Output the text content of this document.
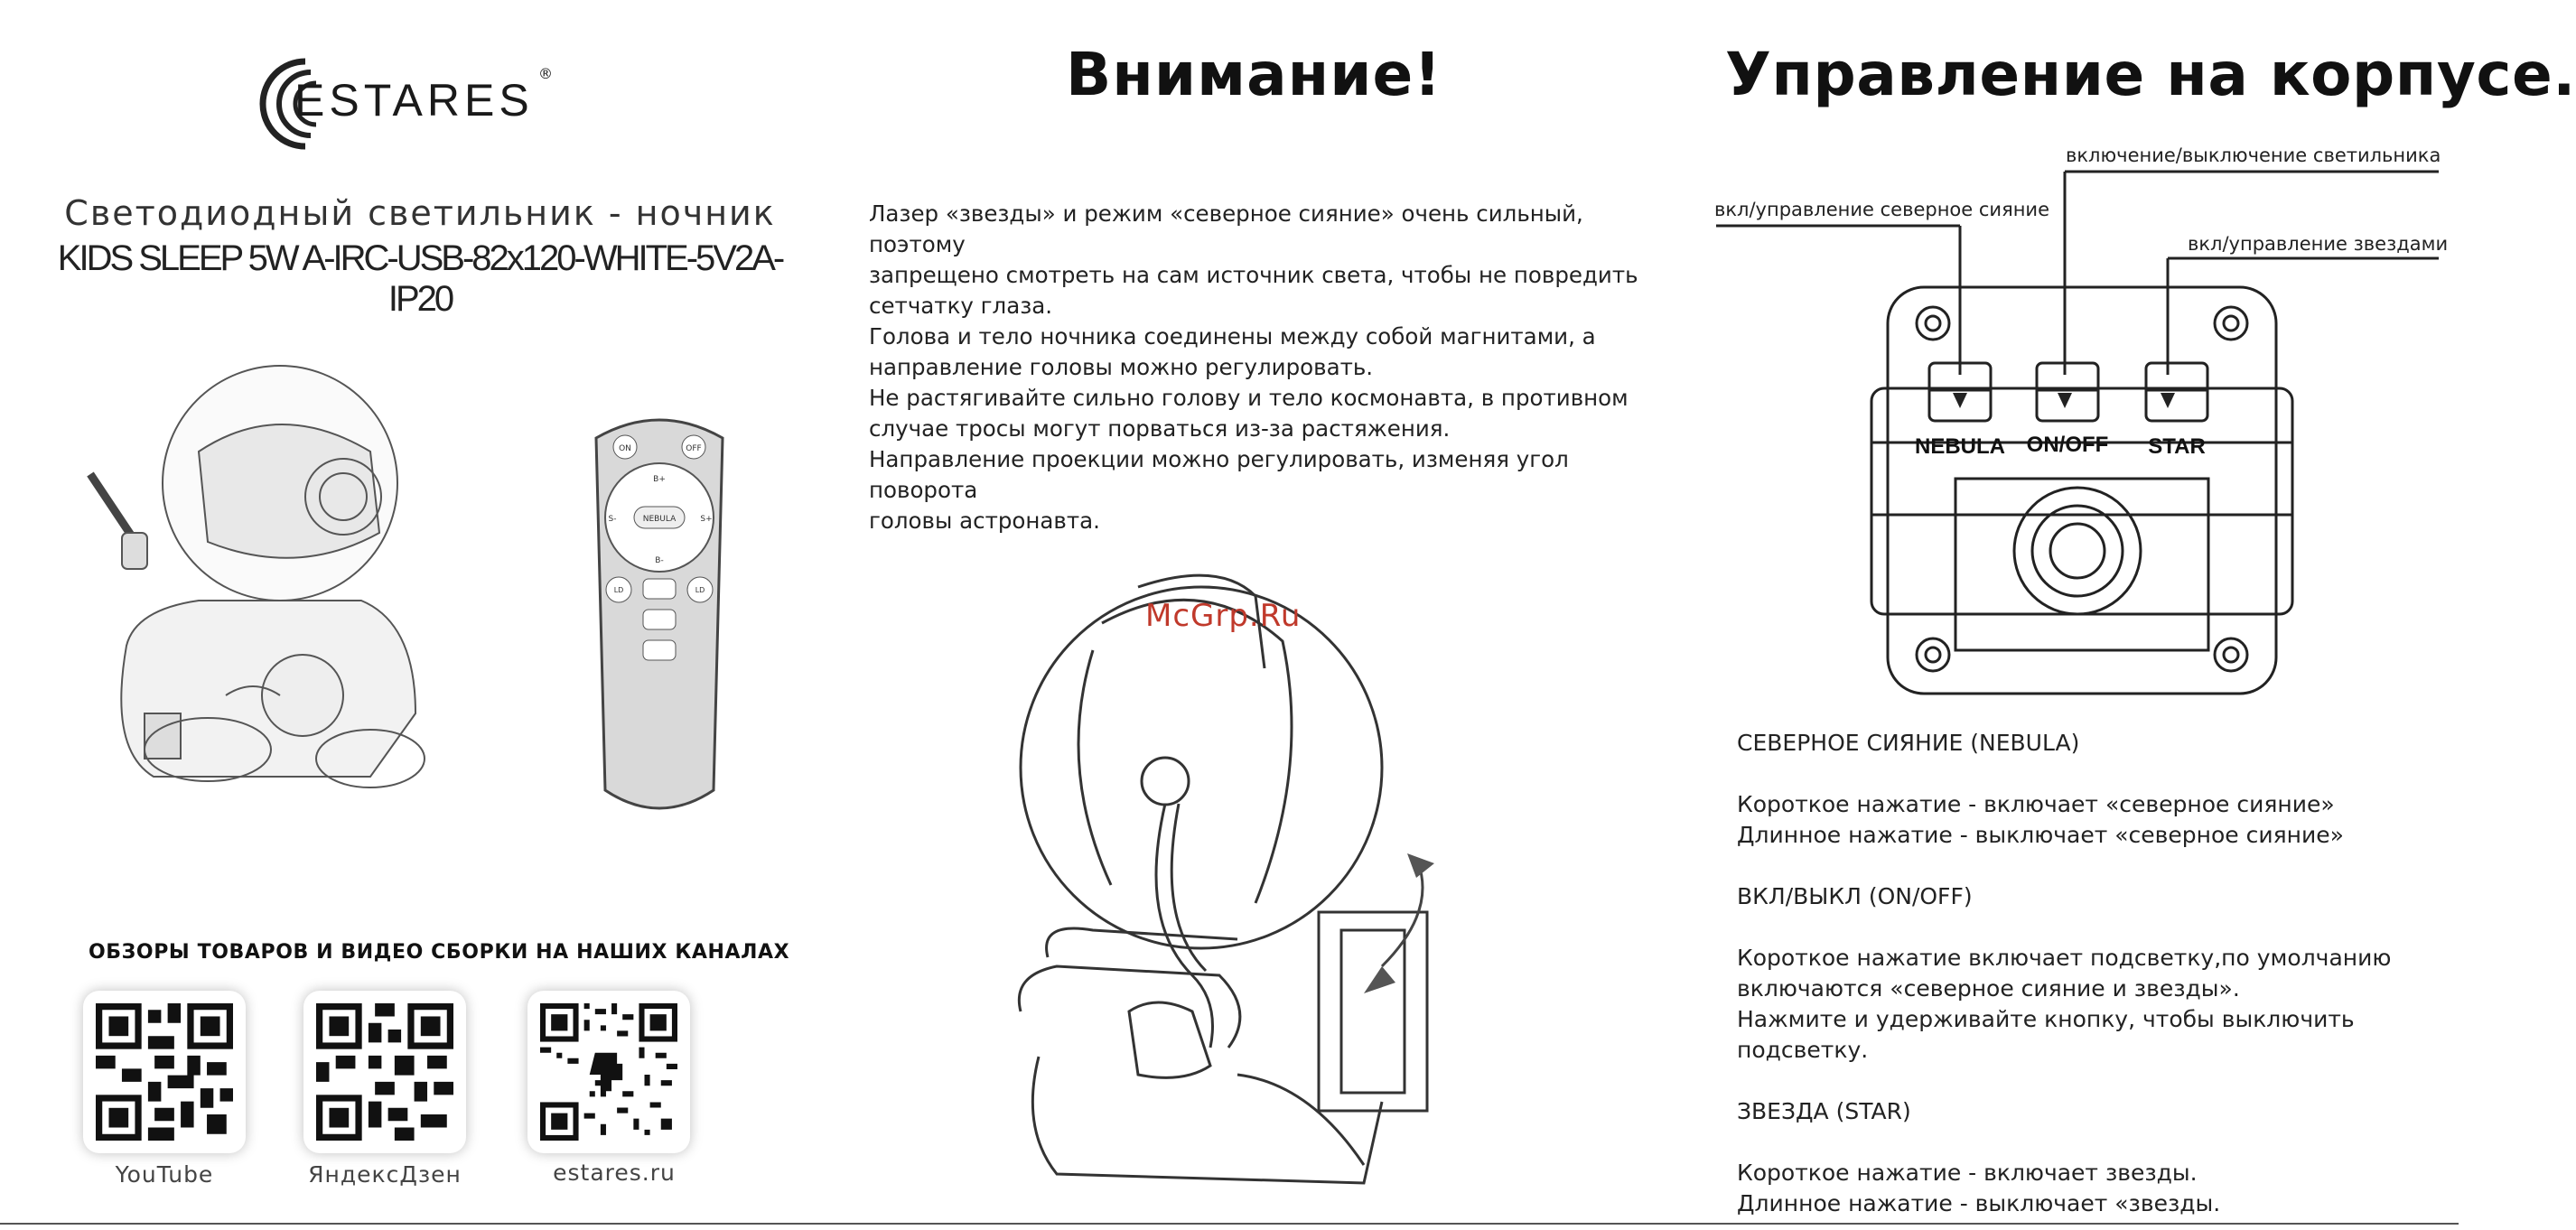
ESTARES
®
Светодиодный светильник - ночник
KIDS SLEEP 5W A-IRC-USB-82x120-WHITE-5V2A-IP20
ON	OFF
NEBULA
B+
B-
S+
S-
LD	LD
ОБЗОРЫ ТОВАРОВ И ВИДЕО СБОРКИ НА НАШИХ КАНАЛАХ
YouTube	ЯндексДзен	estares.ru
Внимание!

Лазер «звезды» и режим «северное сияние» очень сильный, поэтому

запрещено смотреть на сам источник света, чтобы не повредить

сетчатку глаза.

Голова и тело ночника соединены между собой магнитами, а

направление головы можно регулировать.

Не растягивайте сильно голову и тело космонавта, в противном

случае тросы могут порваться из-за растяжения.

Направление проекции можно регулировать, изменяя угол поворота

головы астронавта.

McGrp.Ru
Управление на корпусе.
включение/выключение светильника
вкл/управление северное сияние
вкл/управление звездами
NEBULA ON/OFF STAR

СЕВЕРНОЕ СИЯНИЕ (NEBULA)

Короткое нажатие - включает «северное сияние»

Длинное нажатие - выключает «северное сияние»

ВКЛ/ВЫКЛ (ON/OFF)

Короткое нажатие включает подсветку,по умолчанию

включаются «северное сияние и звезды».

Нажмите и удерживайте кнопку, чтобы выключить подсветку.

ЗВЕЗДА (STAR)

Короткое нажатие - включает звезды.

Длинное нажатие - выключает «звезды.
